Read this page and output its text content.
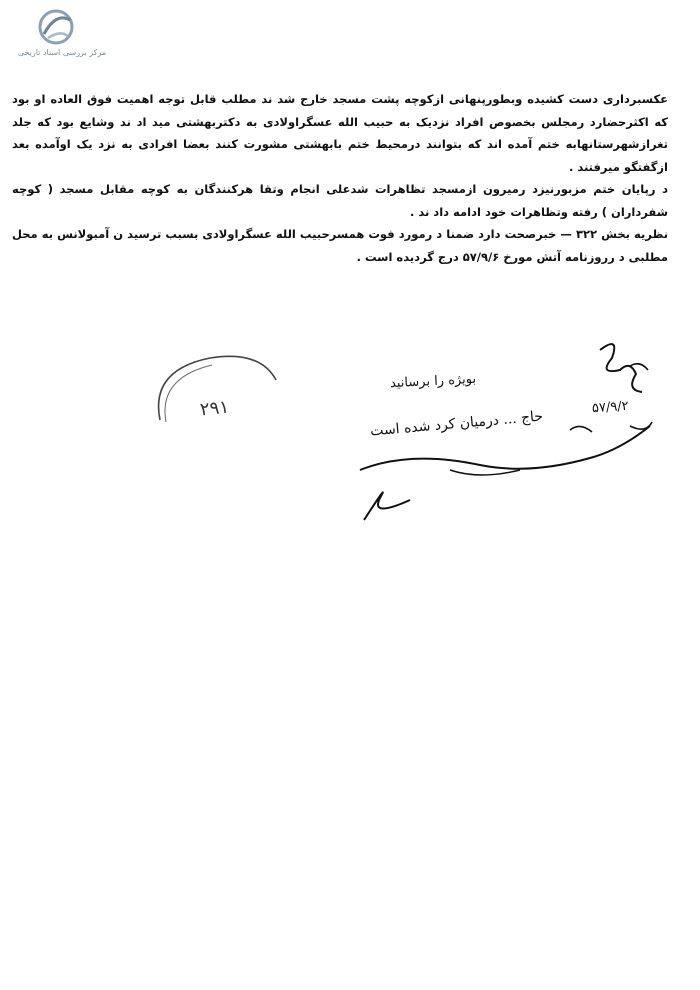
مرکز بررسی اسناد تاریخی

عکسبرداری دست کشیده وبطورپنهانی ازکوچه پشت مسجد خارج شد ند مطلب قابل توجه اهمیت فوق العاده او بود که اکثرحضارد رمجلس بخصوص افراد نزدیک به حبیب الله عسگراولادی به دکتربهشتی مید اد ند وشایع بود که جلد تغرازشهرستانهابه ختم آمده اند که بتوانند درمحیط ختم بابهشتی مشورت کنند بعضا افرادی به نزد یک اوآمده بعد ازگفتگو میرفتند .

د رپایان ختم مزبورنیزد رمیرون ازمسجد تظاهرات شدعلی انجام وتقا هرکنندگان به کوچه مقابل مسجد ( کوچه شفرداران ) رفته وتظاهرات خود ادامه داد ند .

نظریه بخش ۳۲۲ — خبرصحت دارد ضمنا د رمورد فوت همسرحبیب الله عسگراولادی بسبب ترسید ن آمبولانس به محل مطلبی د رروزنامه آتش مورخ ۵۷/۹/۶ درج گردیده است .

۲۹۱
بویژه را برسانید
حاج ... درمیان کرد شده است
۵۷/۹/۲
